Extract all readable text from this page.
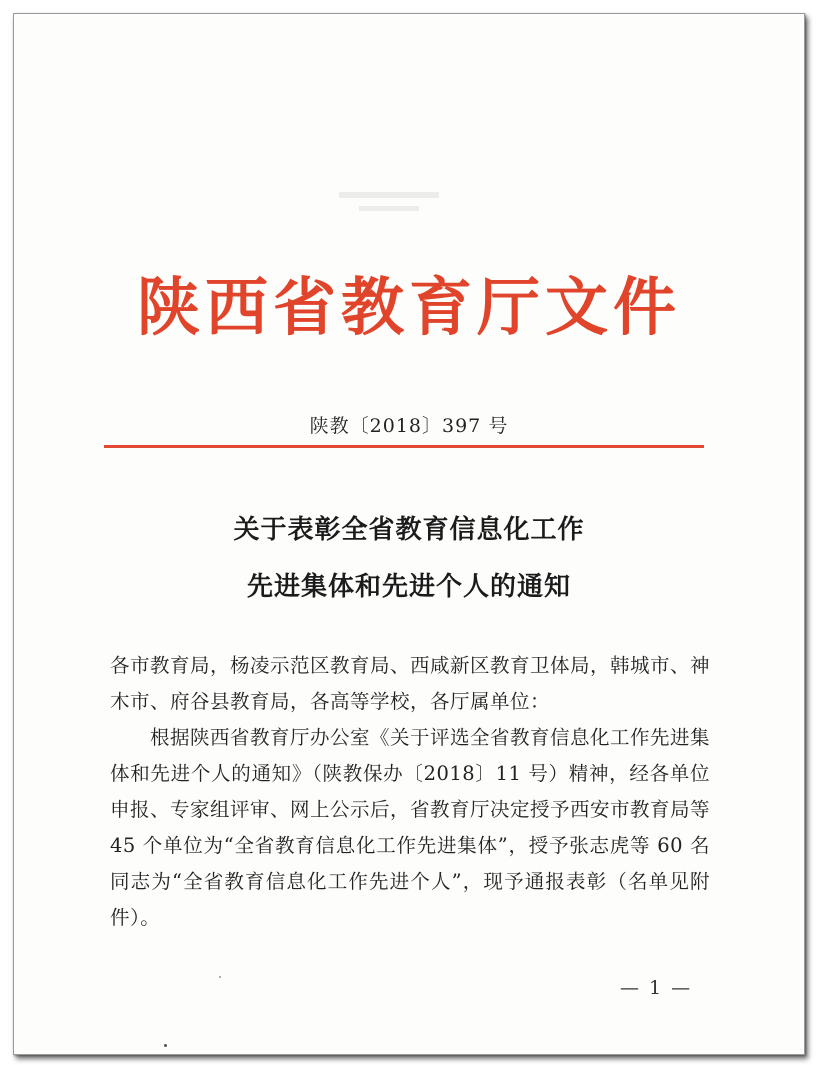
陕西省教育厅文件
陕教〔2018〕397 号
关于表彰全省教育信息化工作
先进集体和先进个人的通知
各市教育局，杨凌示范区教育局、西咸新区教育卫体局，韩城市、神木市、府谷县教育局，各高等学校，各厅属单位：
根据陕西省教育厅办公室《关于评选全省教育信息化工作先进集体和先进个人的通知》（陕教保办〔2018〕11 号）精神，经各单位申报、专家组评审、网上公示后，省教育厅决定授予西安市教育局等 45 个单位为“全省教育信息化工作先进集体”，授予张志虎等 60 名同志为“全省教育信息化工作先进个人”，现予通报表彰（名单见附件）。
— 1 —
